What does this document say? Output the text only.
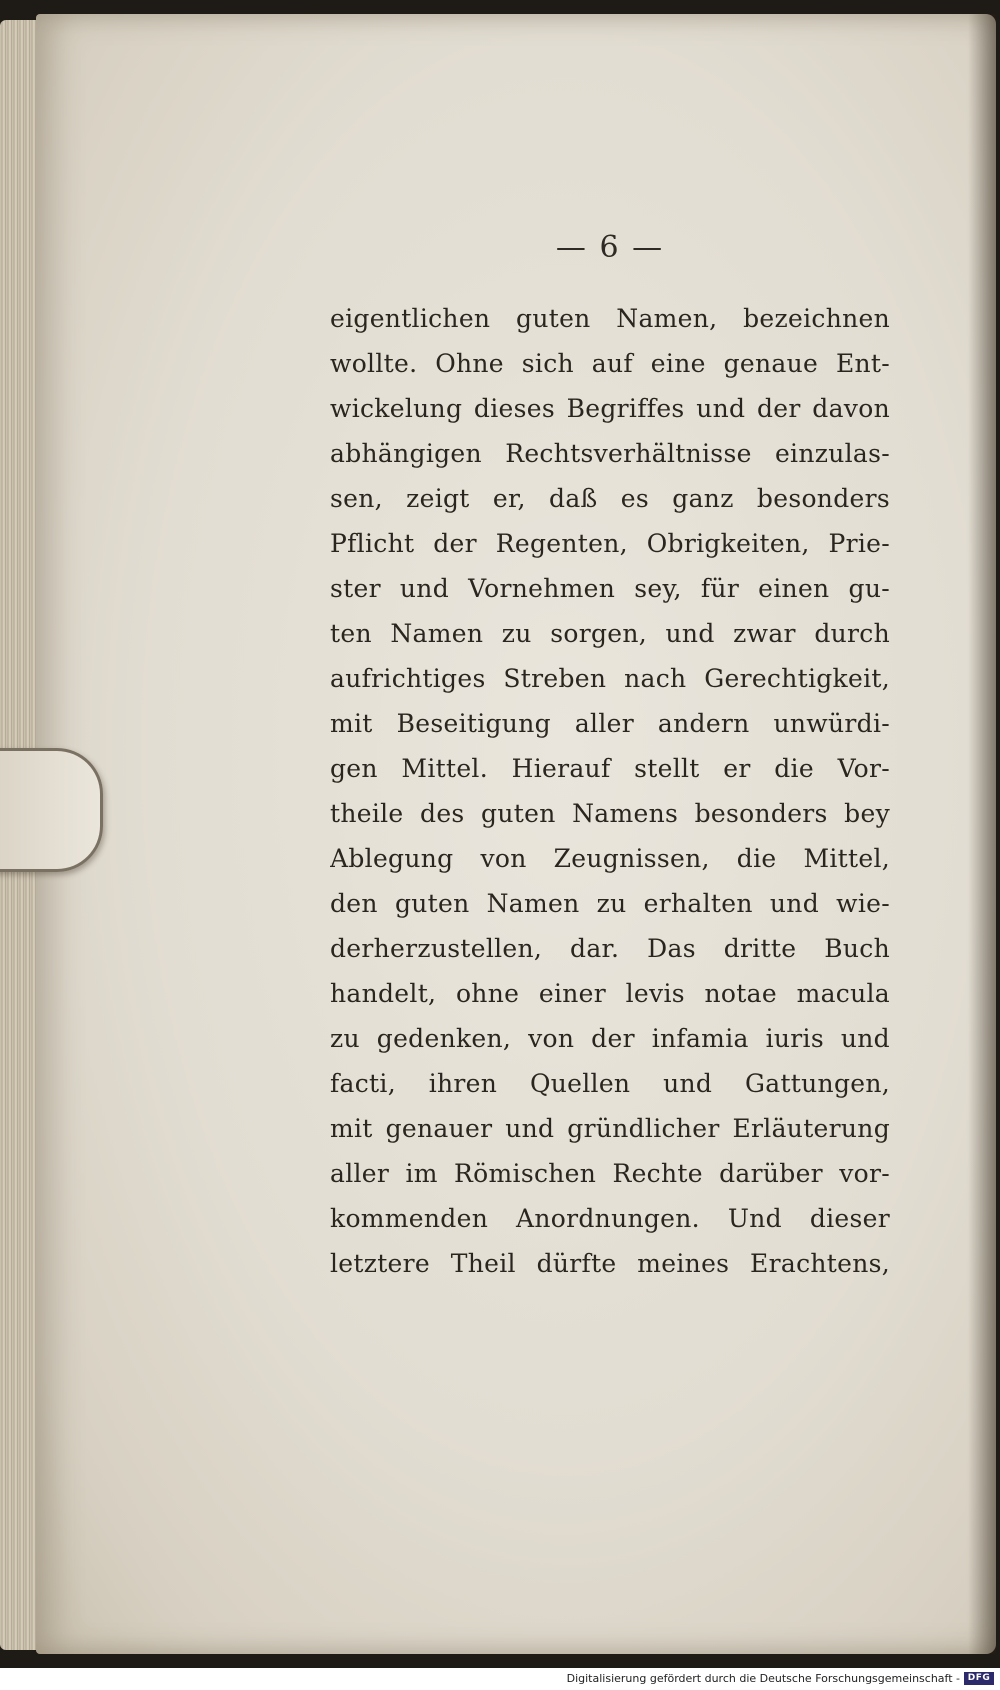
— 6 —
eigentlichen guten Namen, bezeichnen
wollte. Ohne sich auf eine genaue Ent-
wickelung dieses Begriffes und der davon
abhängigen Rechtsverhältnisse einzulas-
sen, zeigt er, daß es ganz besonders
Pflicht der Regenten, Obrigkeiten, Prie-
ster und Vornehmen sey, für einen gu-
ten Namen zu sorgen, und zwar durch
aufrichtiges Streben nach Gerechtigkeit,
mit Beseitigung aller andern unwürdi-
gen Mittel. Hierauf stellt er die Vor-
theile des guten Namens besonders bey
Ablegung von Zeugnissen, die Mittel,
den guten Namen zu erhalten und wie-
derherzustellen, dar. Das dritte Buch
handelt, ohne einer levis notae macula
zu gedenken, von der infamia iuris und
facti, ihren Quellen und Gattungen,
mit genauer und gründlicher Erläuterung
aller im Römischen Rechte darüber vor-
kommenden Anordnungen. Und dieser
letztere Theil dürfte meines Erachtens,
Digitalisierung gefördert durch die Deutsche Forschungsgemeinschaft - DFG
